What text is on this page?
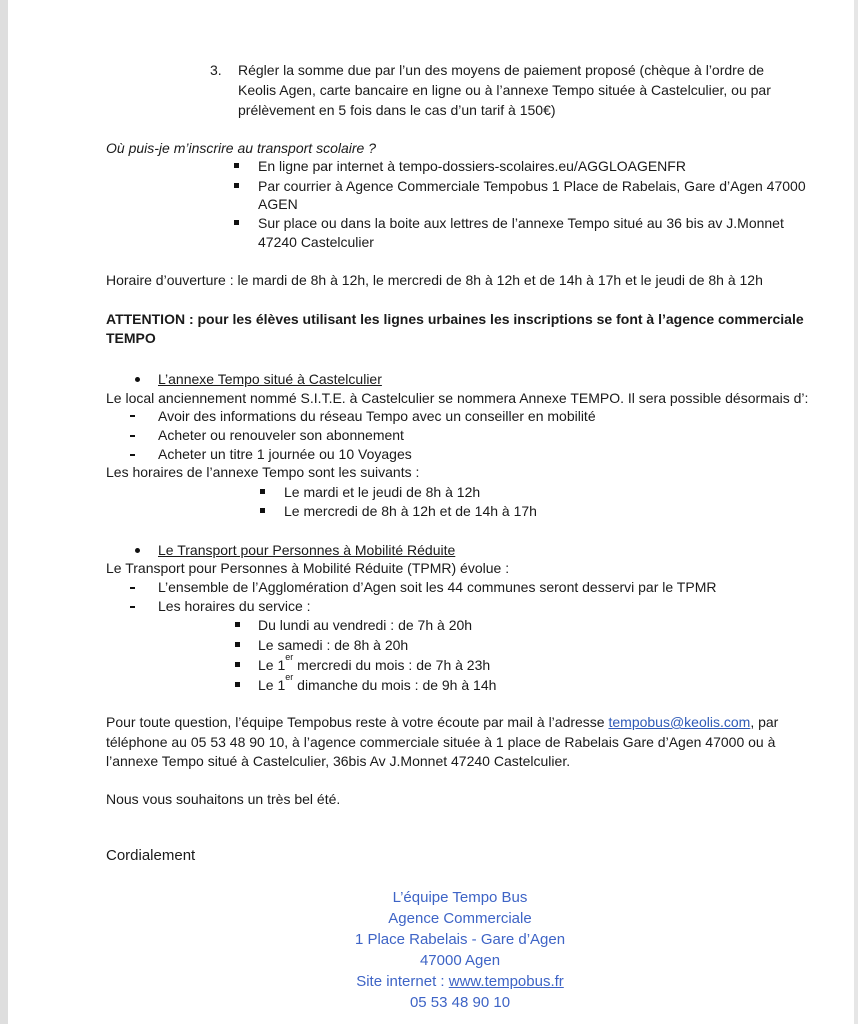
3. Régler la somme due par l’un des moyens de paiement proposé (chèque à l’ordre de

Keolis Agen, carte bancaire en ligne ou à l’annexe Tempo située à Castelculier, ou par

prélèvement en 5 fois dans le cas d’un tarif à 150€)

Où puis-je m’inscrire au transport scolaire ?

En ligne par internet à tempo-dossiers-scolaires.eu/AGGLOAGENFR

Par courrier à Agence Commerciale Tempobus 1 Place de Rabelais, Gare d’Agen 47000

AGEN

Sur place ou dans la boite aux lettres de l’annexe Tempo situé au 36 bis av J.Monnet

47240 Castelculier

Horaire d’ouverture : le mardi de 8h à 12h, le mercredi de 8h à 12h et de 14h à 17h et le jeudi de 8h à 12h

ATTENTION : pour les élèves utilisant les lignes urbaines les inscriptions se font à l’agence commerciale

TEMPO

L’annexe Tempo situé à Castelculier

Le local anciennement nommé S.I.T.E. à Castelculier se nommera Annexe TEMPO. Il sera possible désormais d’:

Avoir des informations du réseau Tempo avec un conseiller en mobilité

Acheter ou renouveler son abonnement

Acheter un titre 1 journée ou 10 Voyages

Les horaires de l’annexe Tempo sont les suivants :

Le mardi et le jeudi de 8h à 12h

Le mercredi de 8h à 12h et de 14h à 17h

Le Transport pour Personnes à Mobilité Réduite

Le Transport pour Personnes à Mobilité Réduite (TPMR) évolue :

L’ensemble de l’Agglomération d’Agen soit les 44 communes seront desservi par le TPMR

Les horaires du service :

Du lundi au vendredi : de 7h à 20h

Le samedi : de 8h à 20h

Le 1er mercredi du mois : de 7h à 23h

Le 1er dimanche du mois : de 9h à 14h

Pour toute question, l’équipe Tempobus reste à votre écoute par mail à l’adresse tempobus@keolis.com, par

téléphone au 05 53 48 90 10, à l’agence commerciale située à 1 place de Rabelais Gare d’Agen 47000 ou à

l’annexe Tempo situé à Castelculier, 36bis Av J.Monnet 47240 Castelculier.

Nous vous souhaitons un très bel été.

Cordialement

L’équipe Tempo Bus

Agence Commerciale

1 Place Rabelais - Gare d’Agen

47000 Agen

Site internet : www.tempobus.fr

05 53 48 90 10
